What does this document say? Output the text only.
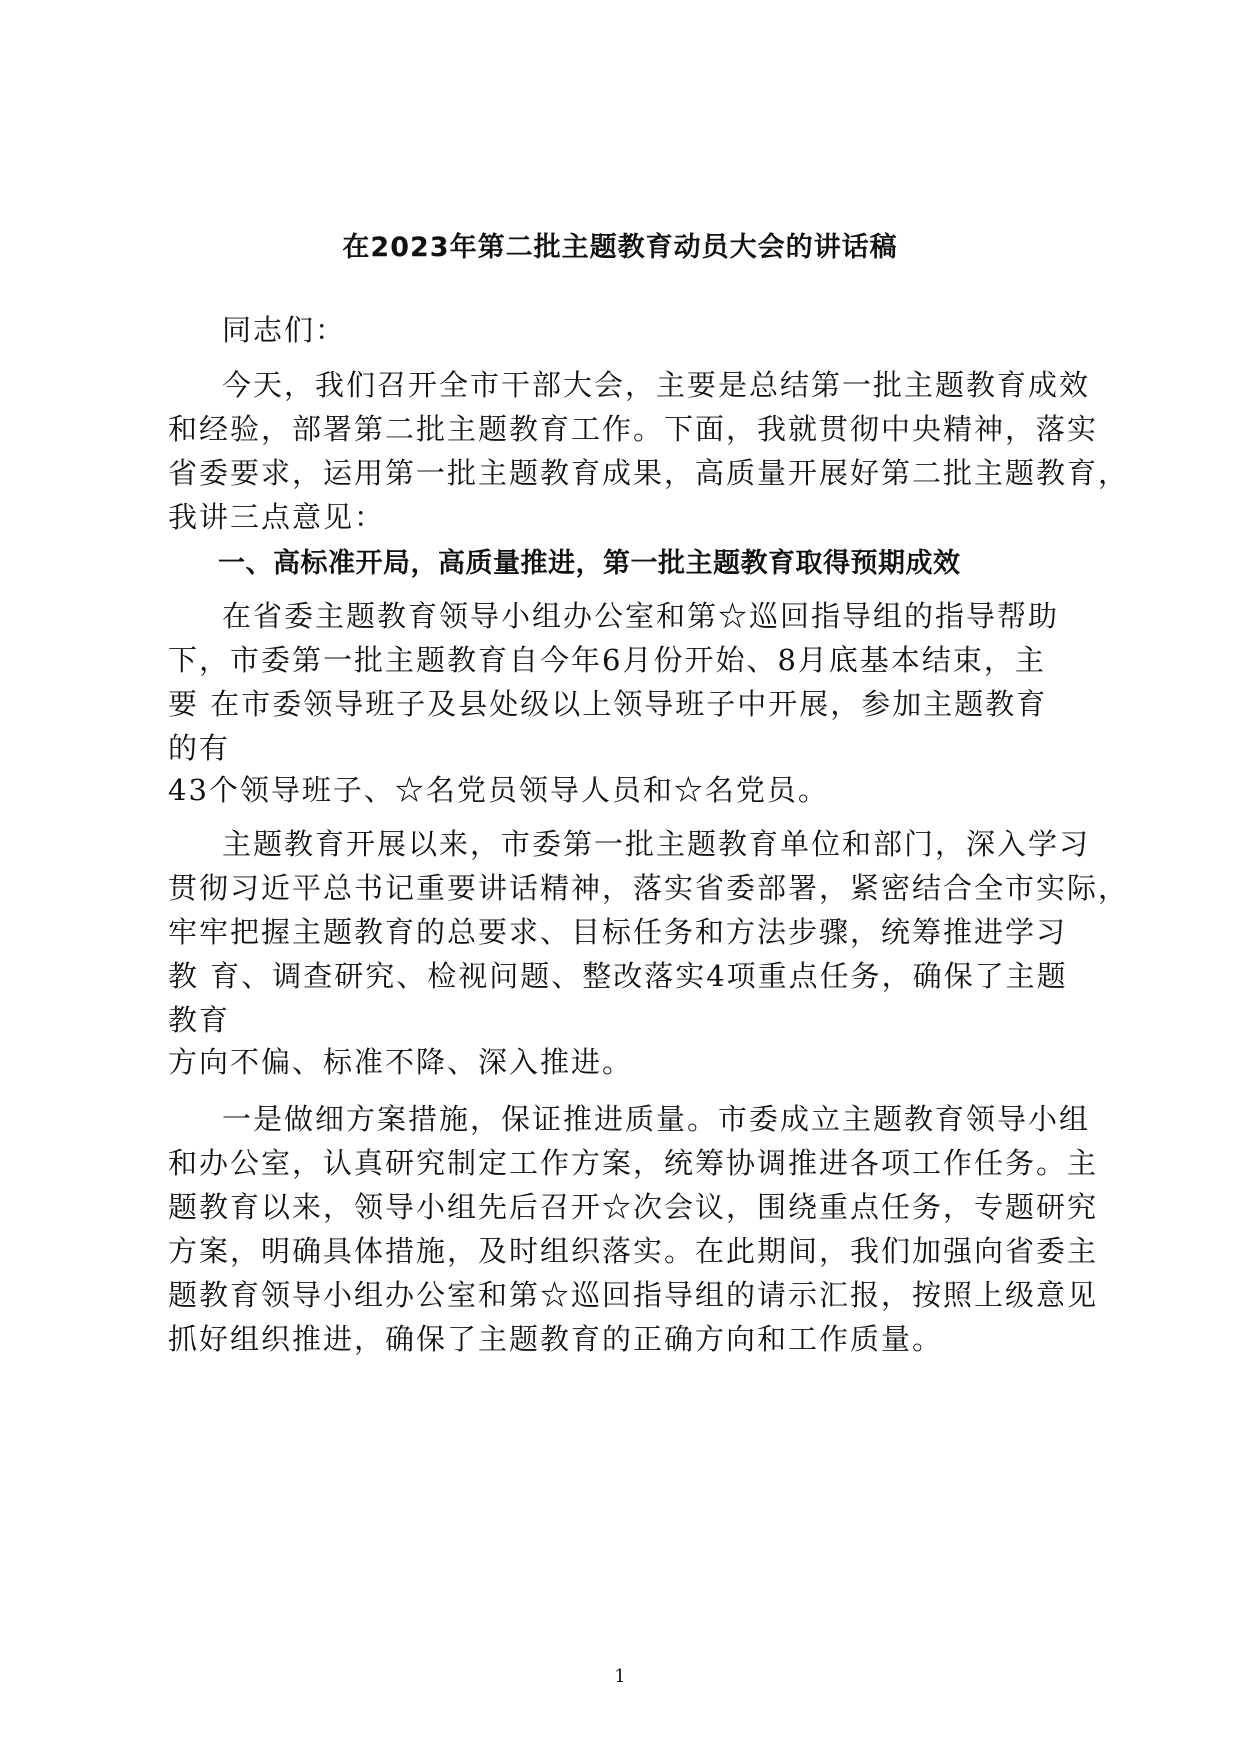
在2023年第二批主题教育动员大会的讲话稿
同志们：
今天，我们召开全市干部大会，主要是总结第一批主题教育成效
和经验，部署第二批主题教育工作。下面，我就贯彻中央精神，落实
省委要求，运用第一批主题教育成果，高质量开展好第二批主题教育，
我讲三点意见：
一、高标准开局，高质量推进，第一批主题教育取得预期成效
在省委主题教育领导小组办公室和第☆巡回指导组的指导帮助
下，市委第一批主题教育自今年6月份开始、8月底基本结束，主
要 在市委领导班子及县处级以上领导班子中开展，参加主题教育
的有
43个领导班子、☆名党员领导人员和☆名党员。
主题教育开展以来，市委第一批主题教育单位和部门，深入学习
贯彻习近平总书记重要讲话精神，落实省委部署，紧密结合全市实际，
牢牢把握主题教育的总要求、目标任务和方法步骤，统筹推进学习
教 育、调查研究、检视问题、整改落实4项重点任务，确保了主题
教育
方向不偏、标准不降、深入推进。
一是做细方案措施，保证推进质量。市委成立主题教育领导小组
和办公室，认真研究制定工作方案，统筹协调推进各项工作任务。主
题教育以来，领导小组先后召开☆次会议，围绕重点任务，专题研究
方案，明确具体措施，及时组织落实。在此期间，我们加强向省委主
题教育领导小组办公室和第☆巡回指导组的请示汇报，按照上级意见
抓好组织推进，确保了主题教育的正确方向和工作质量。
1
